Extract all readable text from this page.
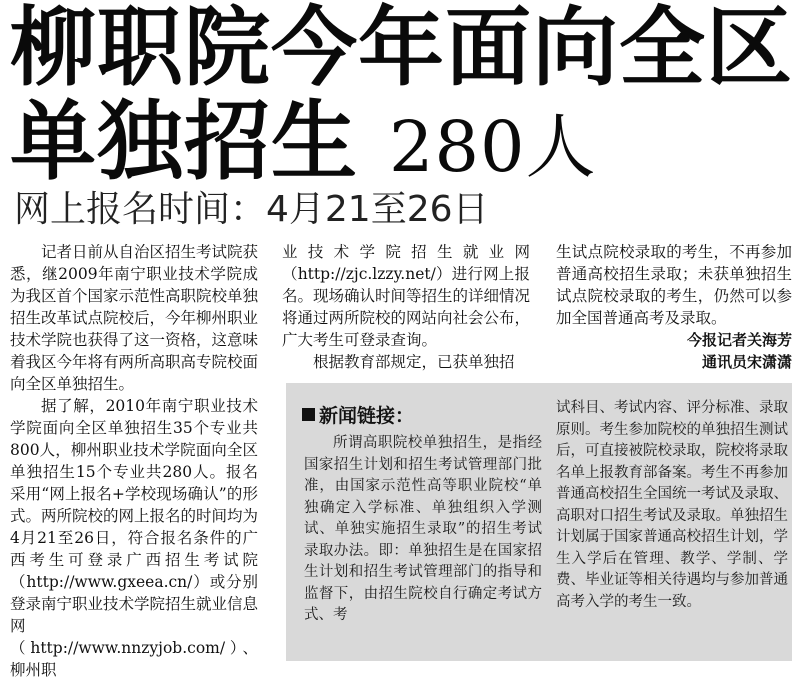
柳职院今年面向全区
单独招生 280人
网上报名时间：4月21至26日

记者日前从自治区招生考试院获悉，继2009年南宁职业技术学院成为我区首个国家示范性高职院校单独招生改革试点院校后，今年柳州职业技术学院也获得了这一资格，这意味着我区今年将有两所高职高专院校面向全区单独招生。

据了解，2010年南宁职业技术学院面向全区单独招生35个专业共800人，柳州职业技术学院面向全区单独招生15个专业共280人。报名采用“网上报名+学校现场确认”的形式。两所院校的网上报名的时间均为4月21至26日，符合报名条件的广西考生可登录广西招生考试院（http://www.gxeea.cn/）或分别登录南宁职业技术学院招生就业信息网（http://www.nnzyjob.com/）、柳州职

业技术学院招生就业网（http://zjc.lzzy.net/）进行网上报名。现场确认时间等招生的详细情况将通过两所院校的网站向社会公布，广大考生可登录查询。

根据教育部规定，已获单独招

生试点院校录取的考生，不再参加普通高校招生录取；未获单独招生试点院校录取的考生，仍然可以参加全国普通高考及录取。

今报记者关海芳
通讯员宋潇潇
新闻链接：

所谓高职院校单独招生，是指经国家招生计划和招生考试管理部门批准，由国家示范性高等职业院校“单独确定入学标准、单独组织入学测试、单独实施招生录取”的招生考试录取办法。即：单独招生是在国家招生计划和招生考试管理部门的指导和监督下，由招生院校自行确定考试方式、考

试科目、考试内容、评分标准、录取原则。考生参加院校的单独招生测试后，可直接被院校录取，院校将录取名单上报教育部备案。考生不再参加普通高校招生全国统一考试及录取、高职对口招生考试及录取。单独招生计划属于国家普通高校招生计划，学生入学后在管理、教学、学制、学费、毕业证等相关待遇均与参加普通高考入学的考生一致。
